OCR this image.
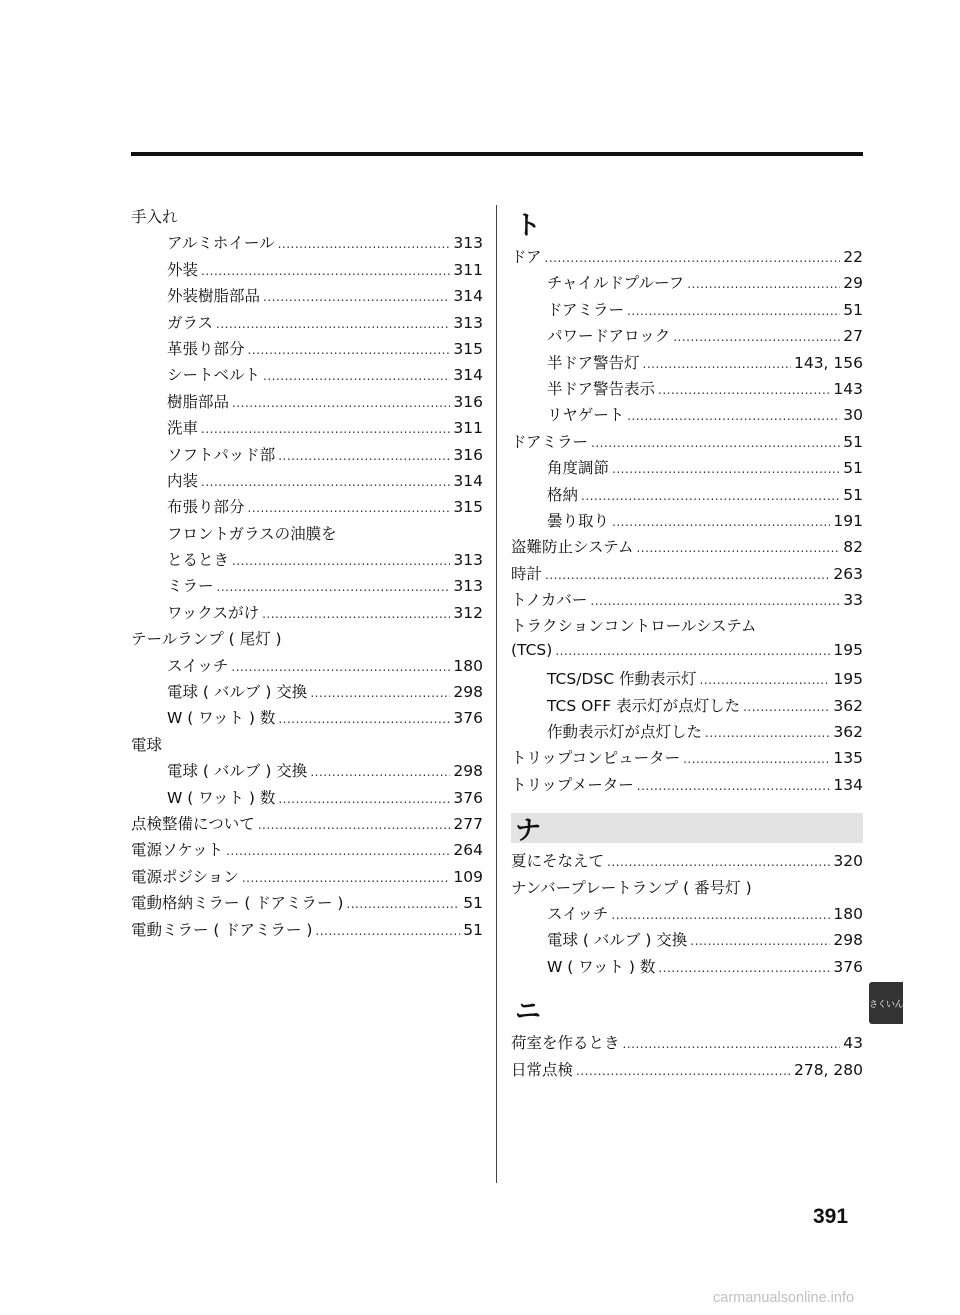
手入れ
アルミホイール .....	313
外装 .....	311
外装樹脂部品 .....	314
ガラス .....	313
革張り部分 .....	315
シートベルト .....	314
樹脂部品 .....	316
洗車 .....	311
ソフトパッド部 .....	316
内装 .....	314
布張り部分 .....	315
フロントガラスの油膜を
とるとき .....	313
ミラー .....	313
ワックスがけ .....	312
テールランプ ( 尾灯 )
スイッチ .....	180
電球 ( バルブ ) 交換 .....	298
W ( ワット ) 数 .....	376
電球
電球 ( バルブ ) 交換 .....	298
W ( ワット ) 数 .....	376
点検整備について .....	277
電源ソケット .....	264
電源ポジション .....	109
電動格納ミラー ( ドアミラー ) .....	51
電動ミラー ( ドアミラー ) .....	51
ト
ドア .....	22
チャイルドプルーフ .....	29
ドアミラー .....	51
パワードアロック .....	27
半ドア警告灯 .....	143, 156
半ドア警告表示 .....	143
リヤゲート .....	30
ドアミラー .....	51
角度調節 .....	51
格納 .....	51
曇り取り .....	191
盗難防止システム .....	82
時計 .....	263
トノカバー .....	33
トラクションコントロールシステム
(TCS) .....	195
TCS/DSC 作動表示灯 .....	195
TCS OFF 表示灯が点灯した .....	362
作動表示灯が点灯した .....	362
トリップコンピューター .....	135
トリップメーター .....	134
ナ
夏にそなえて .....	320
ナンバープレートランプ ( 番号灯 )
スイッチ .....	180
電球 ( バルブ ) 交換 .....	298
W ( ワット ) 数 .....	376
ニ
荷室を作るとき .....	43
日常点検 .....	278, 280
391
さくいん
carmanualsonline.info
